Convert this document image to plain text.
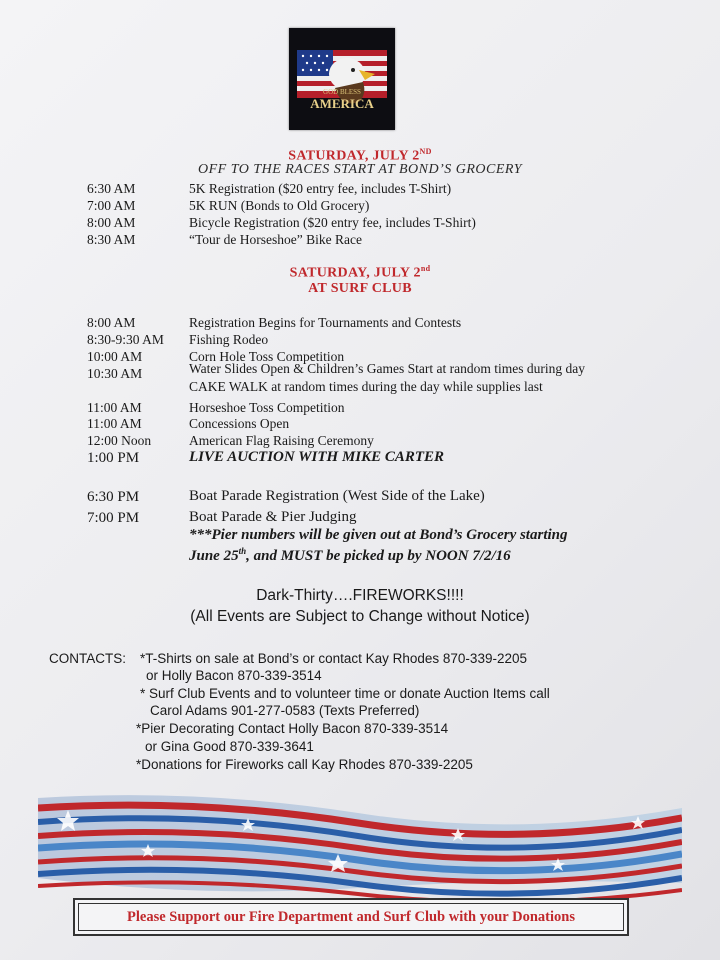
GOD BLESS
AMERICA
SATURDAY, JULY 2ND
OFF TO THE RACES START AT BOND’S GROCERY
6:30 AM	5K Registration ($20 entry fee, includes T-Shirt)
7:00 AM	5K RUN (Bonds to Old Grocery)
8:00 AM	Bicycle Registration ($20 entry fee, includes T-Shirt)
8:30 AM	“Tour de Horseshoe” Bike Race
SATURDAY, JULY 2nd
AT SURF CLUB
8:00 AM	Registration Begins for Tournaments and Contests
8:30-9:30 AM Fishing Rodeo
10:00 AM	Corn Hole Toss Competition
10:30 AM	Water Slides Open & Children’s Games Start at random times during day
CAKE WALK at random times during the day while supplies last
11:00 AM	Horseshoe Toss Competition
11:00 AM	Concessions Open
12:00 Noon	American Flag Raising Ceremony
1:00 PM	LIVE AUCTION WITH MIKE CARTER
6:30 PM	Boat Parade Registration (West Side of the Lake)
7:00 PM	Boat Parade & Pier Judging
***Pier numbers will be given out at Bond’s Grocery starting
June 25th, and MUST be picked up by NOON 7/2/16
Dark-Thirty….FIREWORKS!!!!
(All Events are Subject to Change without Notice)
CONTACTS: *T-Shirts on sale at Bond’s or contact Kay Rhodes 870-339-2205
or Holly Bacon 870-339-3514
* Surf Club Events and to volunteer time or donate Auction Items call
Carol Adams 901-277-0583 (Texts Preferred)
*Pier Decorating Contact Holly Bacon 870-339-3514
or Gina Good 870-339-3641
*Donations for Fireworks call Kay Rhodes 870-339-2205
Please Support our Fire Department and Surf Club with your Donations
